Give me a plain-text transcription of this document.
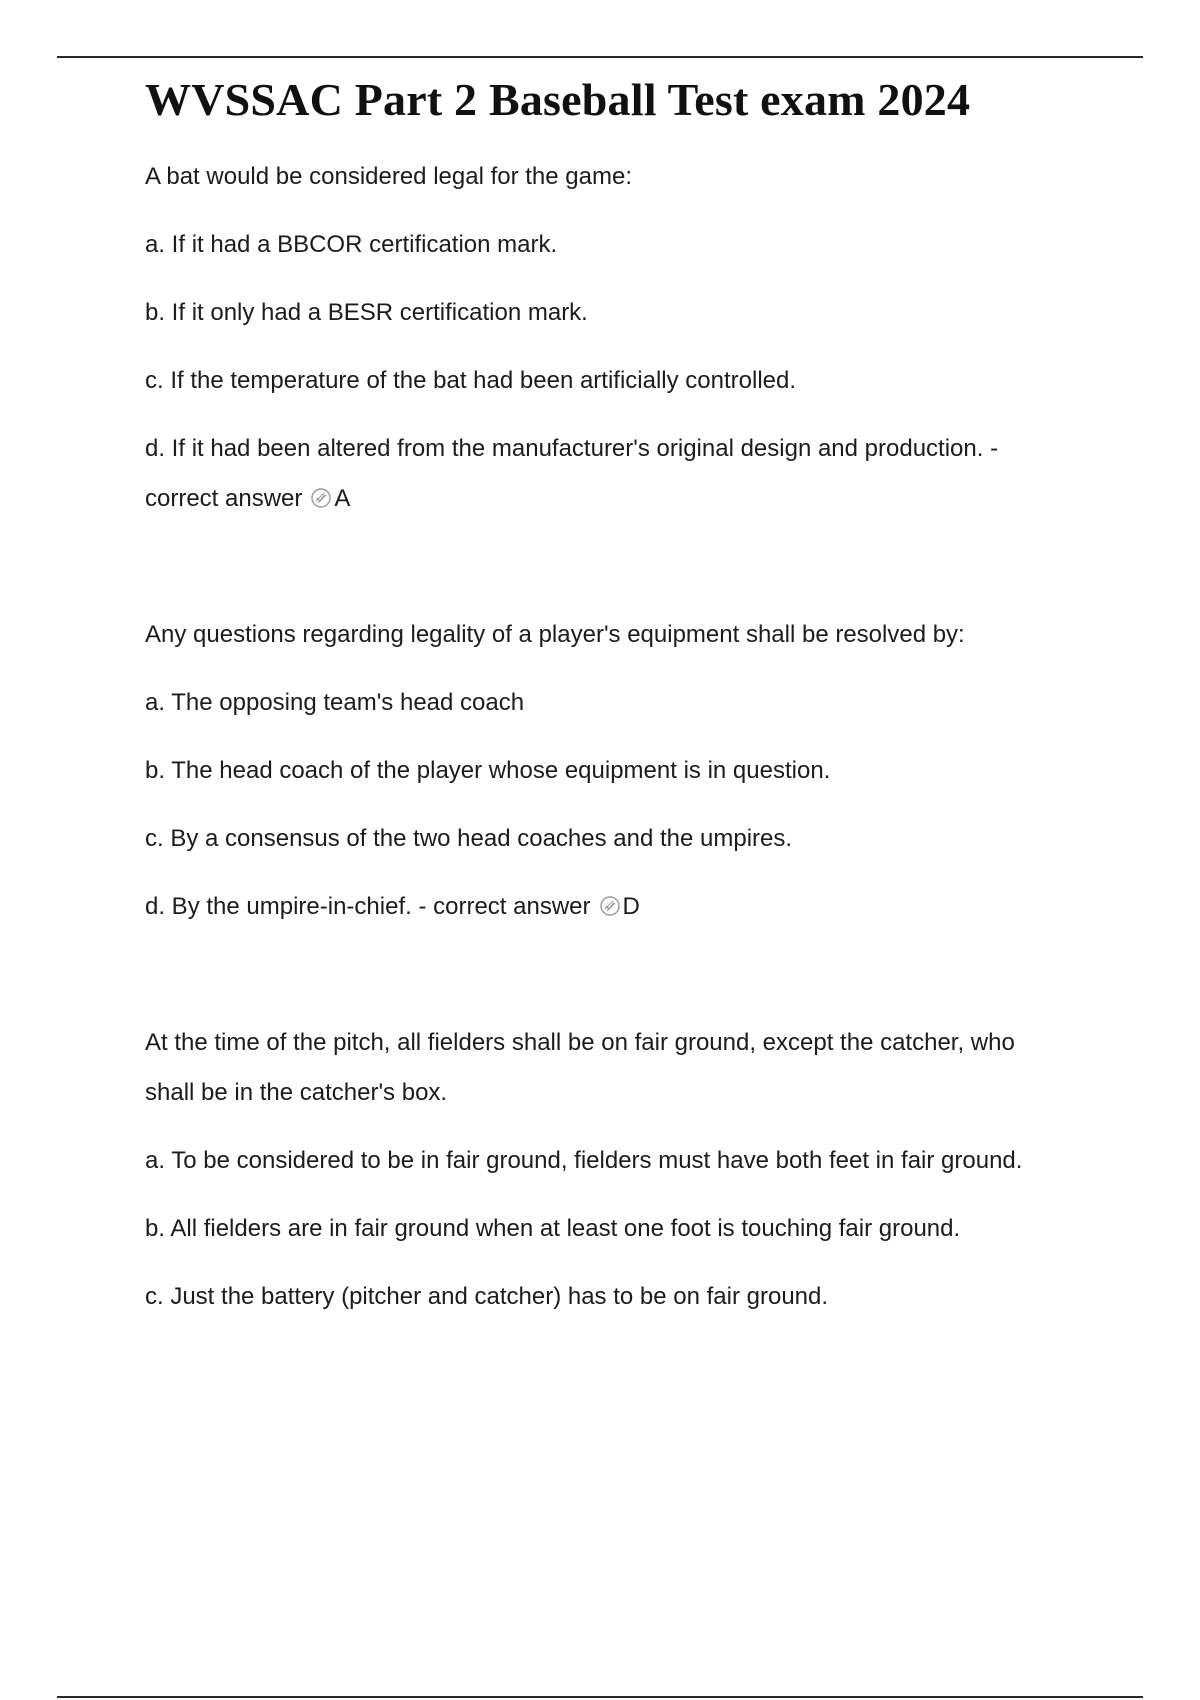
WVSSAC Part 2 Baseball Test exam 2024

A bat would be considered legal for the game:

a. If it had a BBCOR certification mark.

b. If it only had a BESR certification mark.

c. If the temperature of the bat had been artificially controlled.

d. If it had been altered from the manufacturer's original design and production. - correct answer A

Any questions regarding legality of a player's equipment shall be resolved by:

a. The opposing team's head coach

b. The head coach of the player whose equipment is in question.

c. By a consensus of the two head coaches and the umpires.

d. By the umpire-in-chief. - correct answer D

At the time of the pitch, all fielders shall be on fair ground, except the catcher, who shall be in the catcher's box.

a. To be considered to be in fair ground, fielders must have both feet in fair ground.

b. All fielders are in fair ground when at least one foot is touching fair ground.

c. Just the battery (pitcher and catcher) has to be on fair ground.
